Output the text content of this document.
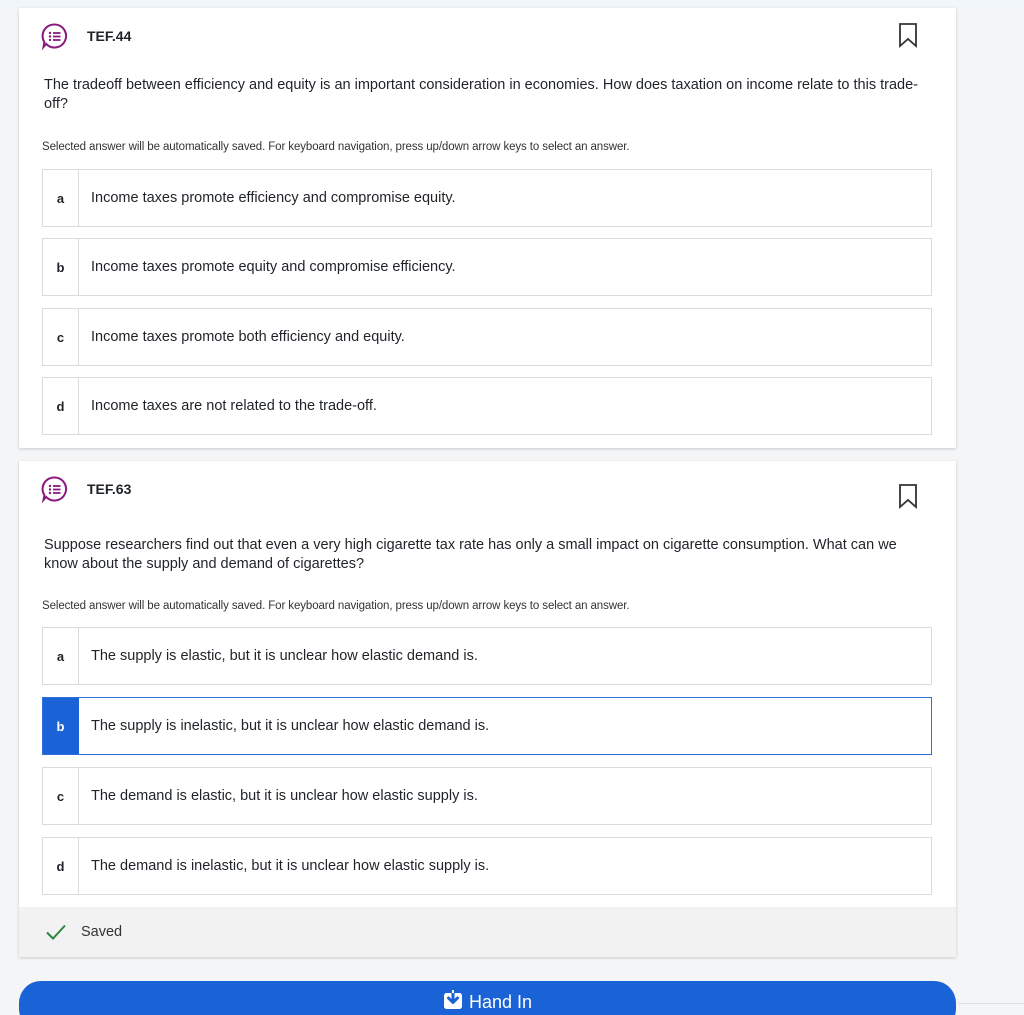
TEF.44
The tradeoff between efficiency and equity is an important consideration in economies. How does taxation on income relate to this trade-off?
Selected answer will be automatically saved. For keyboard navigation, press up/down arrow keys to select an answer.
a	Income taxes promote efficiency and compromise equity.
b	Income taxes promote equity and compromise efficiency.
c	Income taxes promote both efficiency and equity.
d	Income taxes are not related to the trade-off.
TEF.63
Suppose researchers find out that even a very high cigarette tax rate has only a small impact on cigarette consumption. What can we know about the supply and demand of cigarettes?
Selected answer will be automatically saved. For keyboard navigation, press up/down arrow keys to select an answer.
a	The supply is elastic, but it is unclear how elastic demand is.
b	The supply is inelastic, but it is unclear how elastic demand is.
c	The demand is elastic, but it is unclear how elastic supply is.
d	The demand is inelastic, but it is unclear how elastic supply is.
Saved
Hand In
